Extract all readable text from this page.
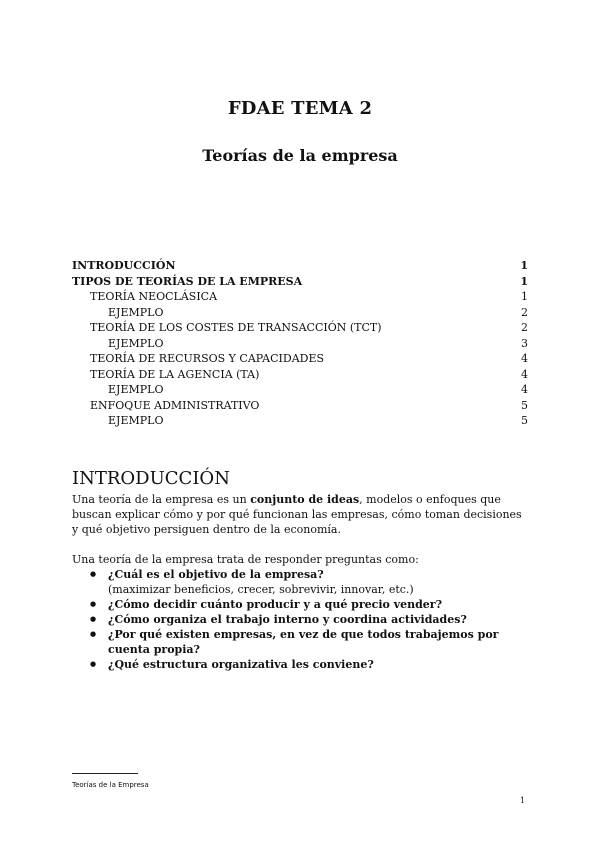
FDAE TEMA 2
Teorías de la empresa
INTRODUCCIÓN	1
TIPOS DE TEORÍAS DE LA EMPRESA	1
TEORÍA NEOCLÁSICA	1
EJEMPLO	2
TEORÍA DE LOS COSTES DE TRANSACCIÓN (TCT)	2
EJEMPLO	3
TEORÍA DE RECURSOS Y CAPACIDADES	4
TEORÍA DE LA AGENCIA (TA)	4
EJEMPLO	4
ENFOQUE ADMINISTRATIVO	5
EJEMPLO	5
INTRODUCCIÓN
Una teoría de la empresa es un conjunto de ideas, modelos o enfoques que buscan explicar cómo y por qué funcionan las empresas, cómo toman decisiones y qué objetivo persiguen dentro de la economía.
Una teoría de la empresa trata de responder preguntas como:
● ¿Cuál es el objetivo de la empresa?
(maximizar beneficios, crecer, sobrevivir, innovar, etc.)
● ¿Cómo decidir cuánto producir y a qué precio vender?
● ¿Cómo organiza el trabajo interno y coordina actividades?
● ¿Por qué existen empresas, en vez de que todos trabajemos por cuenta propia?
● ¿Qué estructura organizativa les conviene?
Teorías de la Empresa
1
